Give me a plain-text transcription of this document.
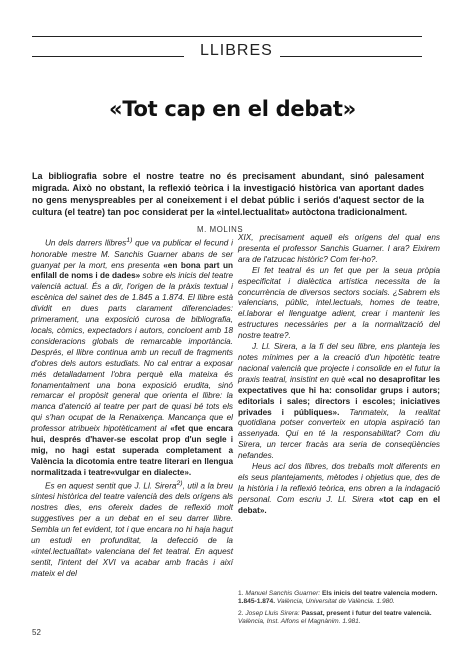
LLIBRES
«Tot cap en el debat»
La bibliografia sobre el nostre teatre no és precisament abundant, sinó palesament migrada. Això no obstant, la reflexió teòrica i la investigació històrica van aportant dades no gens menyspreables per al coneixement i el debat públic i seriós d'aquest sector de la cultura (el teatre) tan poc considerat per la «intel.lectualitat» autòctona tradicionalment.
M. MOLINS

Un dels darrers llibres$^{1)}$ que va publicar el fecund i honorable mestre M. Sanchis Guarner abans de ser guanyat per la mort, ens presenta «en bona part un enfilall de noms i de dades» sobre els inicis del teatre valencià actual. És a dir, l'origen de la pràxis textual i escènica del sainet des de 1.845 a 1.874. El llibre està dividit en dues parts clarament diferenciades: primerament, una exposició curosa de bibliografia, locals, còmics, expectadors i autors, concloent amb 18 consideracions globals de remarcable importància. Després, el llibre continua amb un recull de fragments d'obres dels autors estudiats. No cal entrar a exposar més detalladament l'obra perquè ella mateixa és fonamentalment una bona exposició erudita, sinó remarcar el propòsit general que orienta el llibre: la manca d'atenció al teatre per part de quasi bé tots els qui s'han ocupat de la Renaixença. Mancança que el professor atribueix hipotèticament al «fet que encara hui, després d'haver-se escolat prop d'un segle i mig, no hagi estat superada completament a València la dicotomia entre teatre literari en llengua normalitzada i teatre«vulgar en dialecte».

Es en aquest sentit que J. Ll. Sirera$^{2)}$, util a la breu síntesi històrica del teatre valencià des dels orígens als nostres dies, ens ofereix dades de reflexió molt suggestives per a un debat en el seu darrer llibre. Sembla un fet evident, tot i que encara no hi haja hagut un estudi en profunditat, la defecció de la «intel.lectualitat» valenciana del fet teatral. En aquest sentit, l'intent del XVI va acabar amb fracàs i així mateix el del

XIX, precisament aquell els orígens del qual ens presenta el professor Sanchis Guarner. I ara? Eixirem ara de l'atzucac històric? Com fer-ho?.

El fet teatral és un fet que per la seua pròpia especificitat i dialèctica artística necessita de la concurrència de diversos sectors socials. ¿Sabrem els valencians, públic, intel.lectuals, homes de teatre, el.laborar el llenguatge adient, crear i mantenir les estructures necessàries per a la normalització del nostre teatre?.

J. Ll. Sirera, a la fi del seu llibre, ens planteja les notes mínimes per a la creació d'un hipotètic teatre nacional valencià que projecte i consolide en el futur la praxis teatral, insistint en què «cal no desaprofitar les expectatives que hi ha: consolidar grups i autors; editorials i sales; directors i escoles; iniciatives privades i públiques». Tanmateix, la realitat quotidiana potser converteix en utopia aspiració tan assenyada. Qui en té la responsabilitat? Com diu Sirera, un tercer fracàs ara seria de conseqüències nefandes.

Heus ací dos llibres, dos treballs molt diferents en els seus plantejaments, mètodes i objetius que, des de la història i la reflexió teòrica, ens obren a la indagació personal. Com escriu J. Ll. Sirera «tot cap en el debat».

1. Manuel Sanchis Guarner: Els inicis del teatre valencia modern. 1.845-1.874. València, Universitat de València. 1.980.
2. Josep Lluis Sirera: Passat, present i futur del teatre valencià. València, Inst. Alfons el Magnànim. 1.981.
52
